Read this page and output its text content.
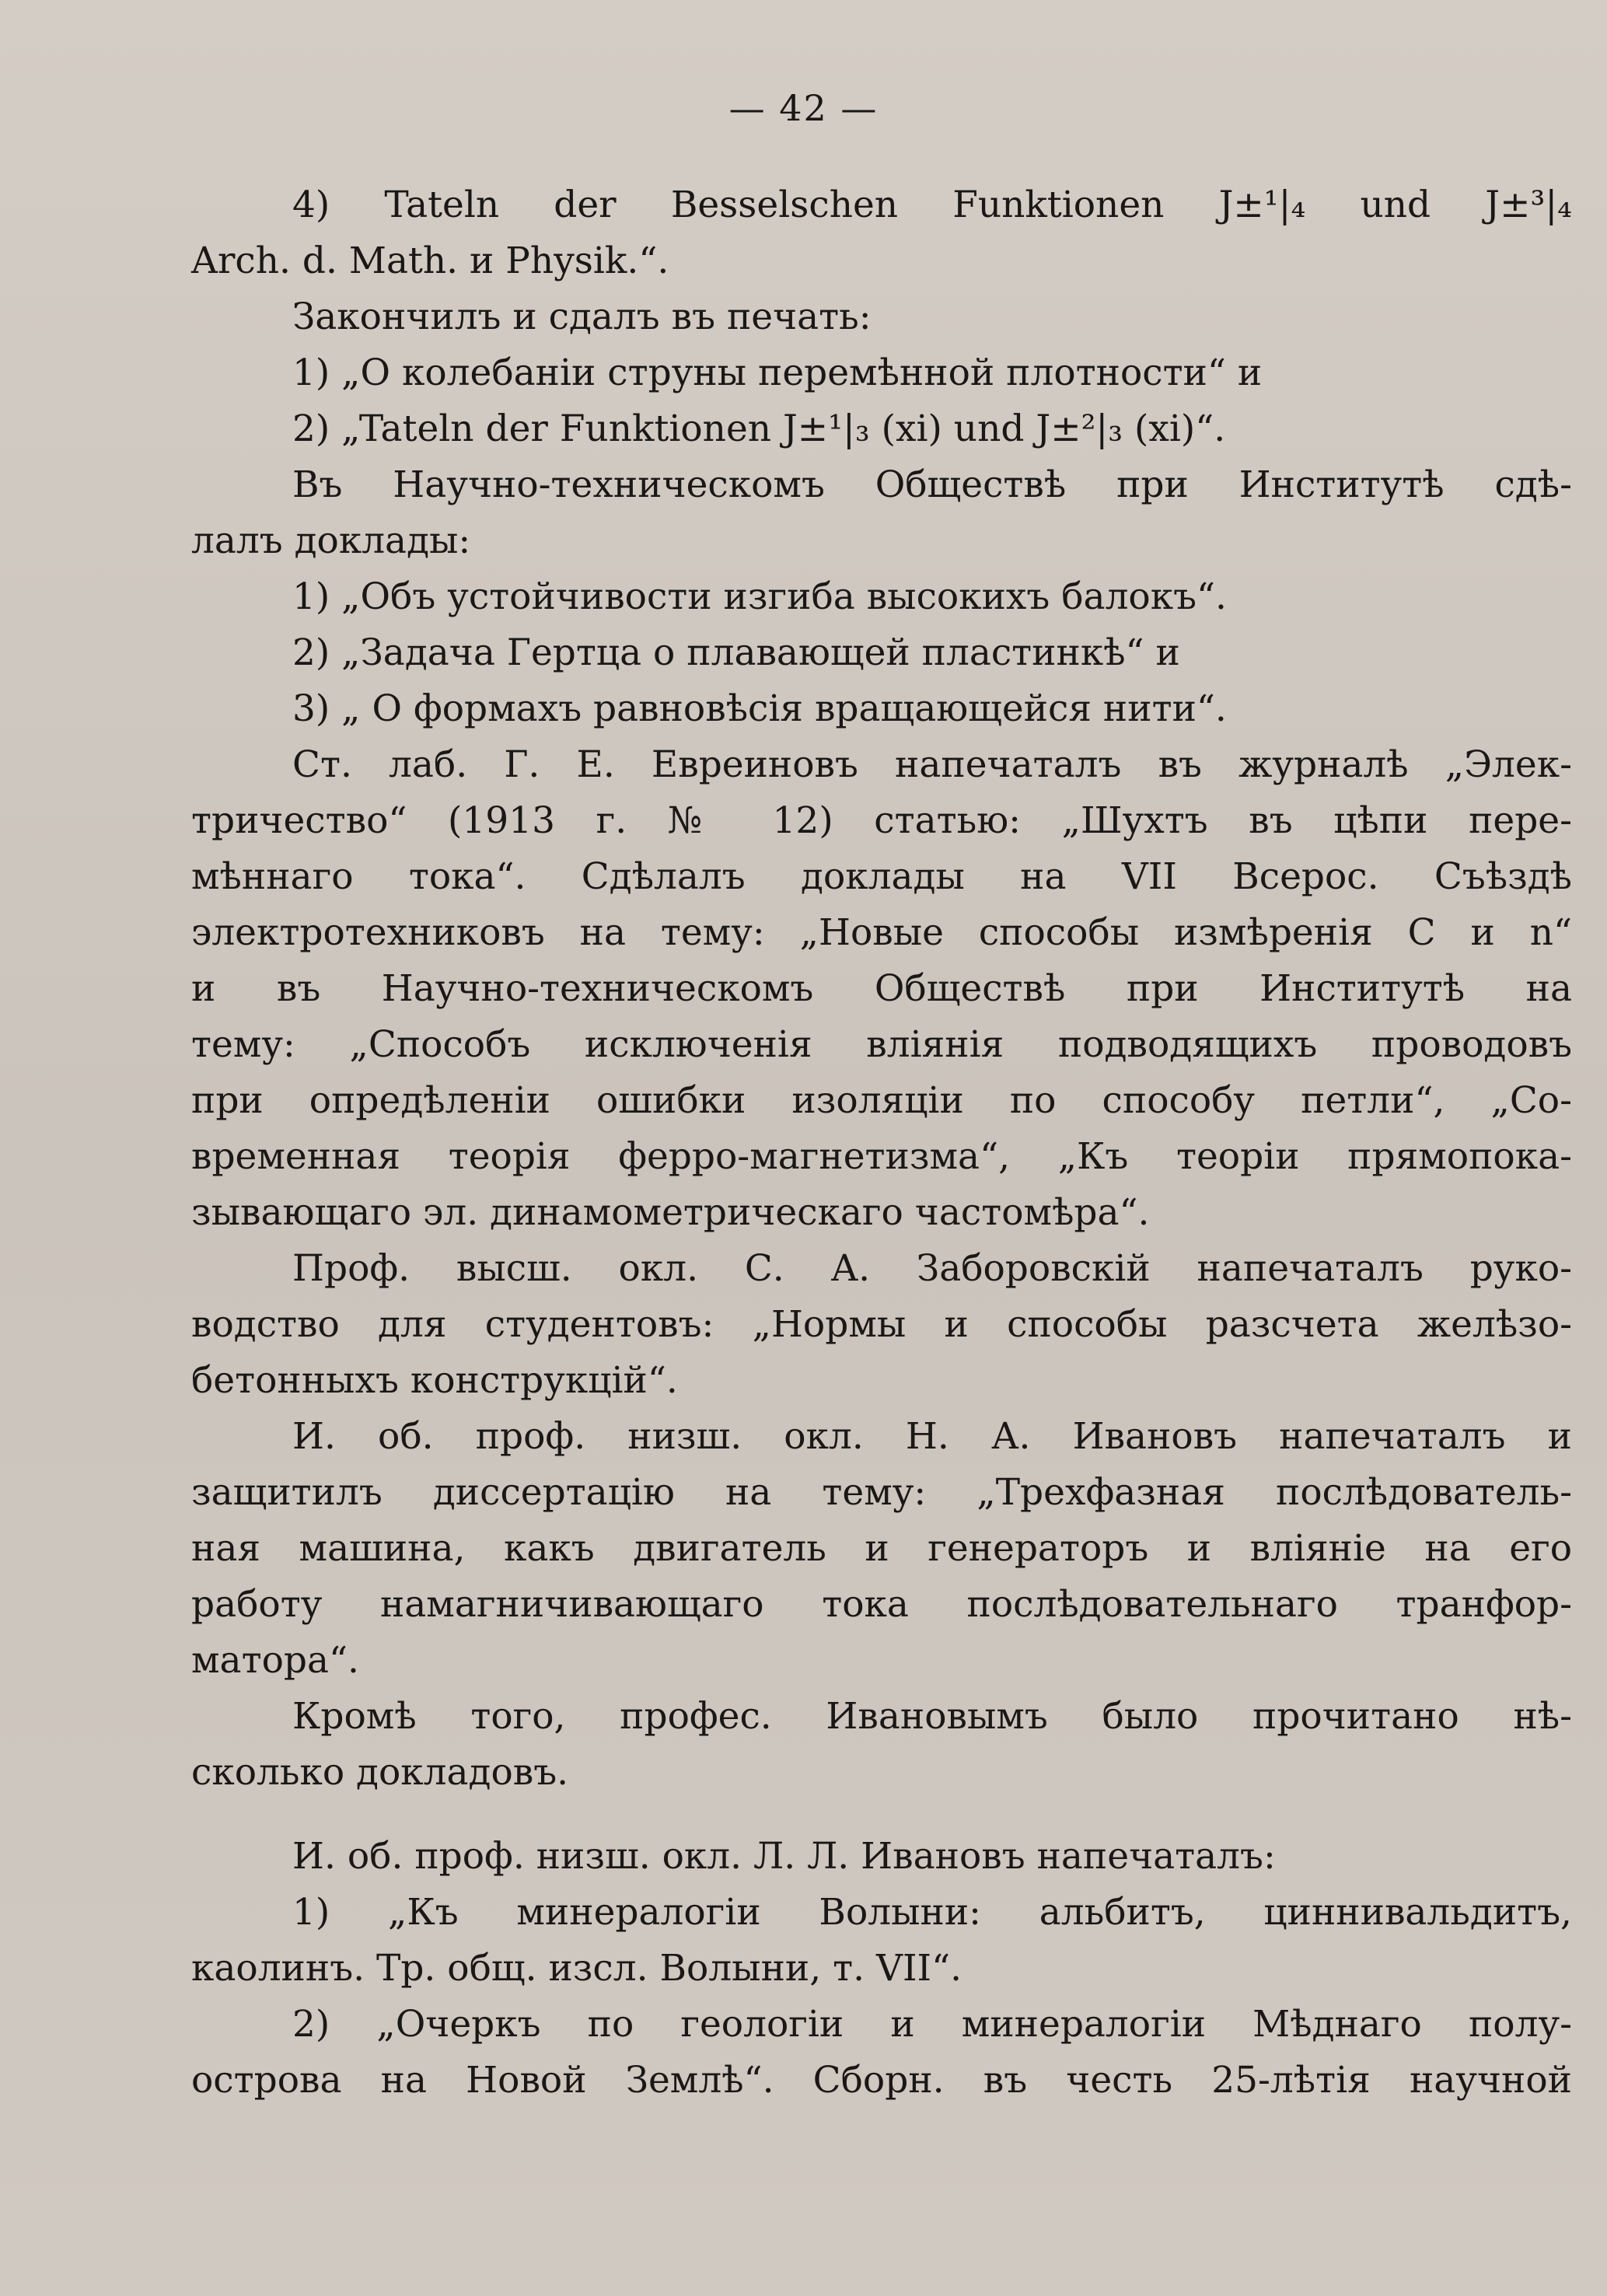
— 42 —
4) Tateln der Besselschen Funktionen J±¹|₄ und J±³|₄
Arch. d. Math. и Physik.“.
Закончилъ и сдалъ въ печать:
1) „О колебаніи струны перемѣнной плотности“ и
2) „Tateln der Funktionen J±¹|₃ (xi) und J±²|₃ (xi)“.
Въ Научно-техническомъ Обществѣ при Институтѣ сдѣ-
лалъ доклады:
1) „Объ устойчивости изгиба высокихъ балокъ“.
2) „Задача Гертца о плавающей пластинкѣ“ и
3) „ О формахъ равновѣсія вращающейся нити“.
Ст. лаб. Г. Е. Евреиновъ напечаталъ въ журналѣ „Элек-
тричество“ (1913 г. № 12) статью: „Шухтъ въ цѣпи пере-
мѣннаго тока“. Сдѣлалъ доклады на VII Всерос. Съѣздѣ
электротехниковъ на тему: „Новые способы измѣренія С и n“
и въ Научно-техническомъ Обществѣ при Институтѣ на
тему: „Способъ исключенія вліянія подводящихъ проводовъ
при опредѣленіи ошибки изоляціи по способу петли“, „Со-
временная теорія ферро-магнетизма“, „Къ теоріи прямопока-
зывающаго эл. динамометрическаго частомѣра“.
Проф. высш. окл. С. А. Заборовскій напечаталъ руко-
водство для студентовъ: „Нормы и способы разсчета желѣзо-
бетонныхъ конструкцій“.
И. об. проф. низш. окл. Н. А. Ивановъ напечаталъ и
защитилъ диссертацію на тему: „Трехфазная послѣдователь-
ная машина, какъ двигатель и генераторъ и вліяніе на его
работу намагничивающаго тока послѣдовательнаго транфор-
матора“.
Кромѣ того, профес. Ивановымъ было прочитано нѣ-
сколько докладовъ.
И. об. проф. низш. окл. Л. Л. Ивановъ напечаталъ:
1) „Къ минералогіи Волыни: альбитъ, циннивальдитъ,
каолинъ. Тр. общ. изсл. Волыни, т. VII“.
2) „Очеркъ по геологіи и минералогіи Мѣднаго полу-
острова на Новой Землѣ“. Сборн. въ честь 25-лѣтія научной
